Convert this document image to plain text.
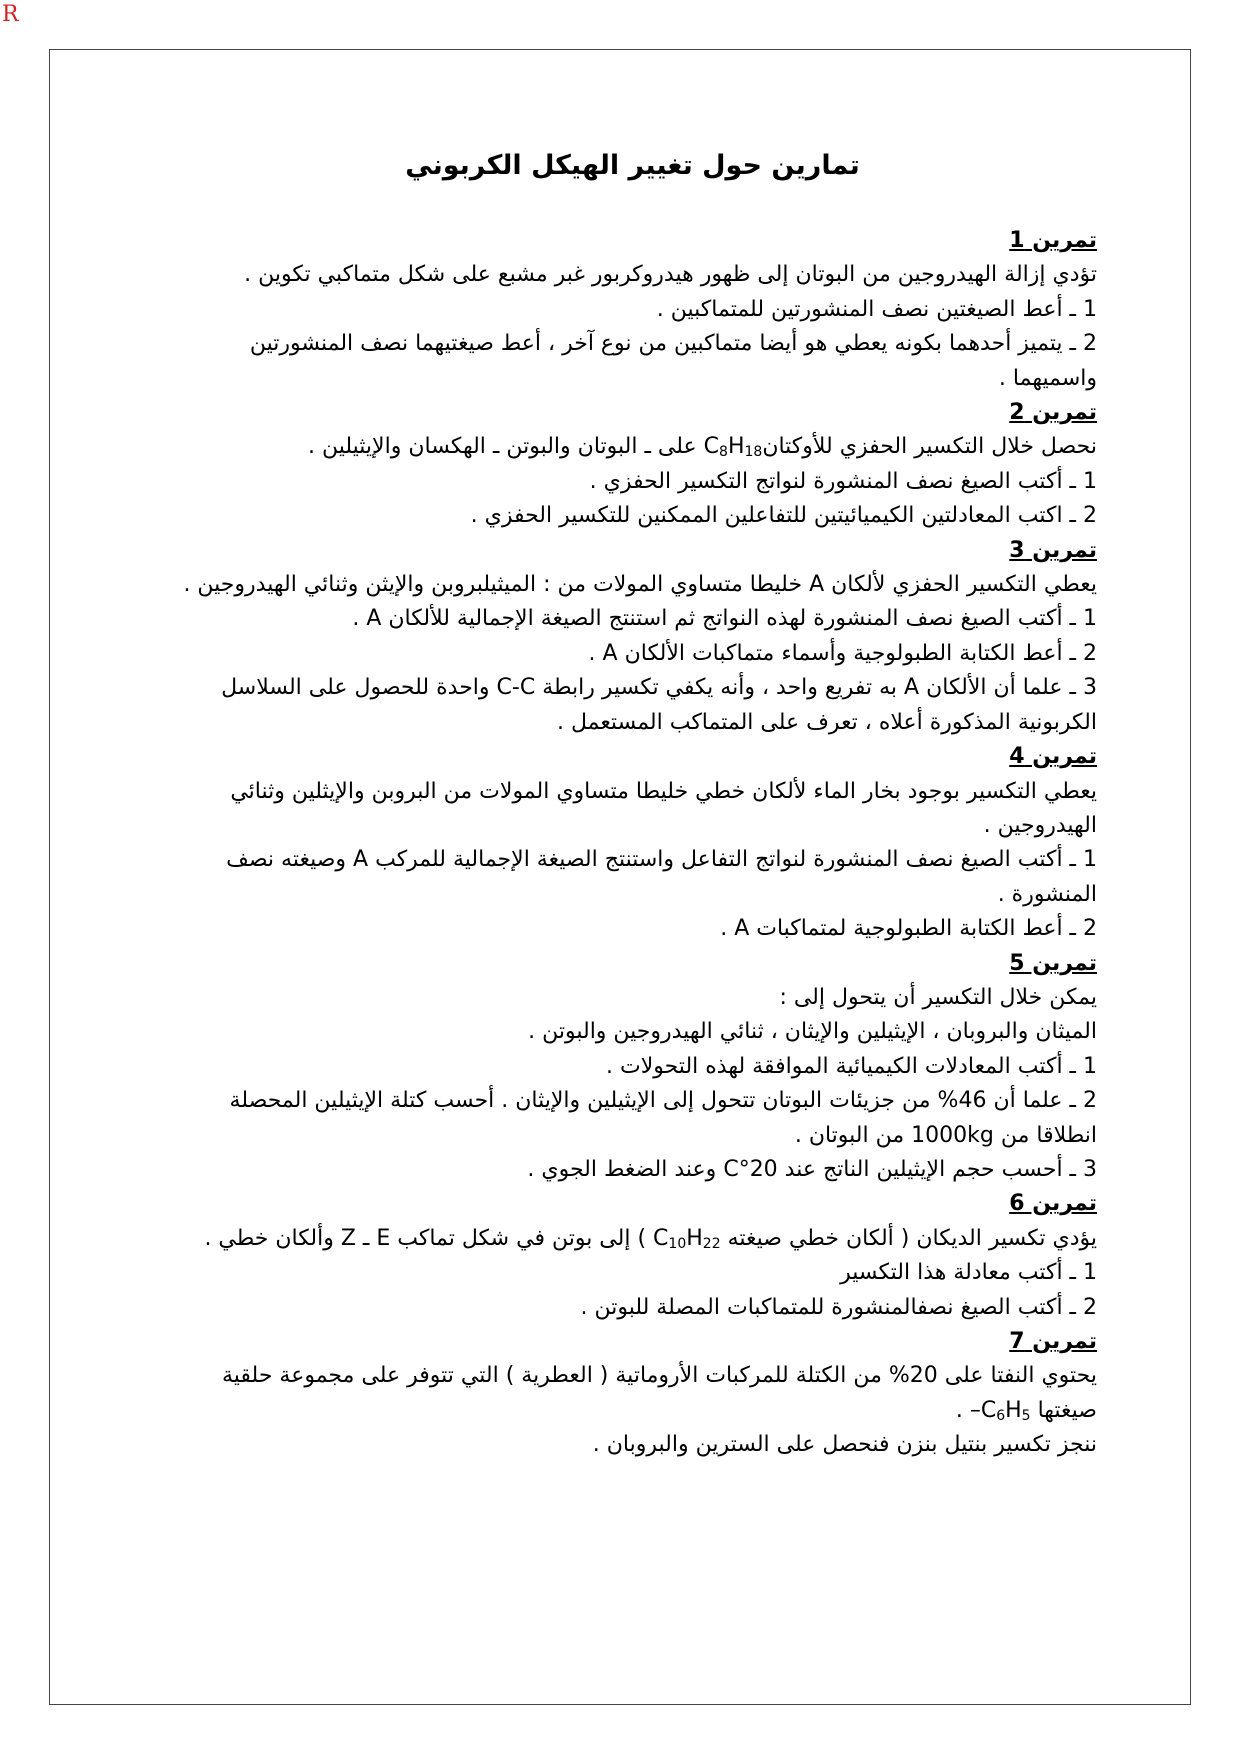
R
تمارين حول تغيير الهيكل الكربوني
تمرين 1

تؤدي إزالة الهيدروجين من البوتان إلى ظهور هيدروكربور غبر مشبع على شكل متماكبي تكوين .

1 ـ أعط الصيغتين نصف المنشورتين للمتماكبين .

2 ـ يتميز أحدهما بكونه يعطي هو أيضا متماكبين من نوع آخر ، أعط صيغتيهما نصف المنشورتين واسميهما .

تمرين 2

نحصل خلال التكسير الحفزي $للأوكتانC_8H_{18}$ على ـ البوتان والبوتن ـ الهكسان والإيثيلين .

1 ـ أكتب الصيغ نصف المنشورة لنواتج التكسير الحفزي .

2 ـ اكتب المعادلتين الكيميائيتين للتفاعلين الممكنين للتكسير الحفزي .

تمرين 3

يعطي التكسير الحفزي لألكان A خليطا متساوي المولات من : الميثيلبروبن والإيثن وثنائي الهيدروجين .

1 ـ أكتب الصيغ نصف المنشورة لهذه النواتج ثم استنتج الصيغة الإجمالية للألكان A .

2 ـ أعط الكتابة الطبولوجية وأسماء متماكبات الألكان A .

3 ـ علما أن الألكان A به تفريع واحد ، وأنه يكفي تكسير رابطة C-C واحدة للحصول على السلاسل الكربونية المذكورة أعلاه ، تعرف على المتماكب المستعمل .

تمرين 4

يعطي التكسير بوجود بخار الماء لألكان خطي خليطا متساوي المولات من البروبن والإيثلين وثنائي الهيدروجين .

1 ـ أكتب الصيغ نصف المنشورة لنواتج التفاعل واستنتج الصيغة الإجمالية للمركب A وصيغته نصف المنشورة .

2 ـ أعط الكتابة الطبولوجية لمتماكبات A .

تمرين 5

يمكن خلال التكسير أن يتحول إلى :

الميثان والبروبان ، الإيثيلين والإيثان ، ثنائي الهيدروجين والبوتن .

1 ـ أكتب المعادلات الكيميائية الموافقة لهذه التحولات .

2 ـ علما أن 46% من جزيئات البوتان تتحول إلى الإيثيلين والإيثان . أحسب كتلة الإيثيلين المحصلة انطلاقا من 1000kg من البوتان .

3 ـ أحسب حجم الإيثيلين الناتج عند 20°C وعند الضغط الجوي .

تمرين 6

يؤدي تكسير الديكان ( ألكان خطي صيغته $C_{10}H_{22}$ ) إلى بوتن في شكل تماكب E ـ Z وألكان خطي .

1 ـ أكتب معادلة هذا التكسير

2 ـ أكتب الصيغ نصفالمنشورة للمتماكبات المصلة للبوتن .

تمرين 7

يحتوي النفتا على 20% من الكتلة للمركبات الأروماتية ( العطرية ) التي تتوفر على مجموعة حلقية صيغتها $-C_6H_5$ .

ننجز تكسير بنتيل بنزن فنحصل على السترين والبروبان .
